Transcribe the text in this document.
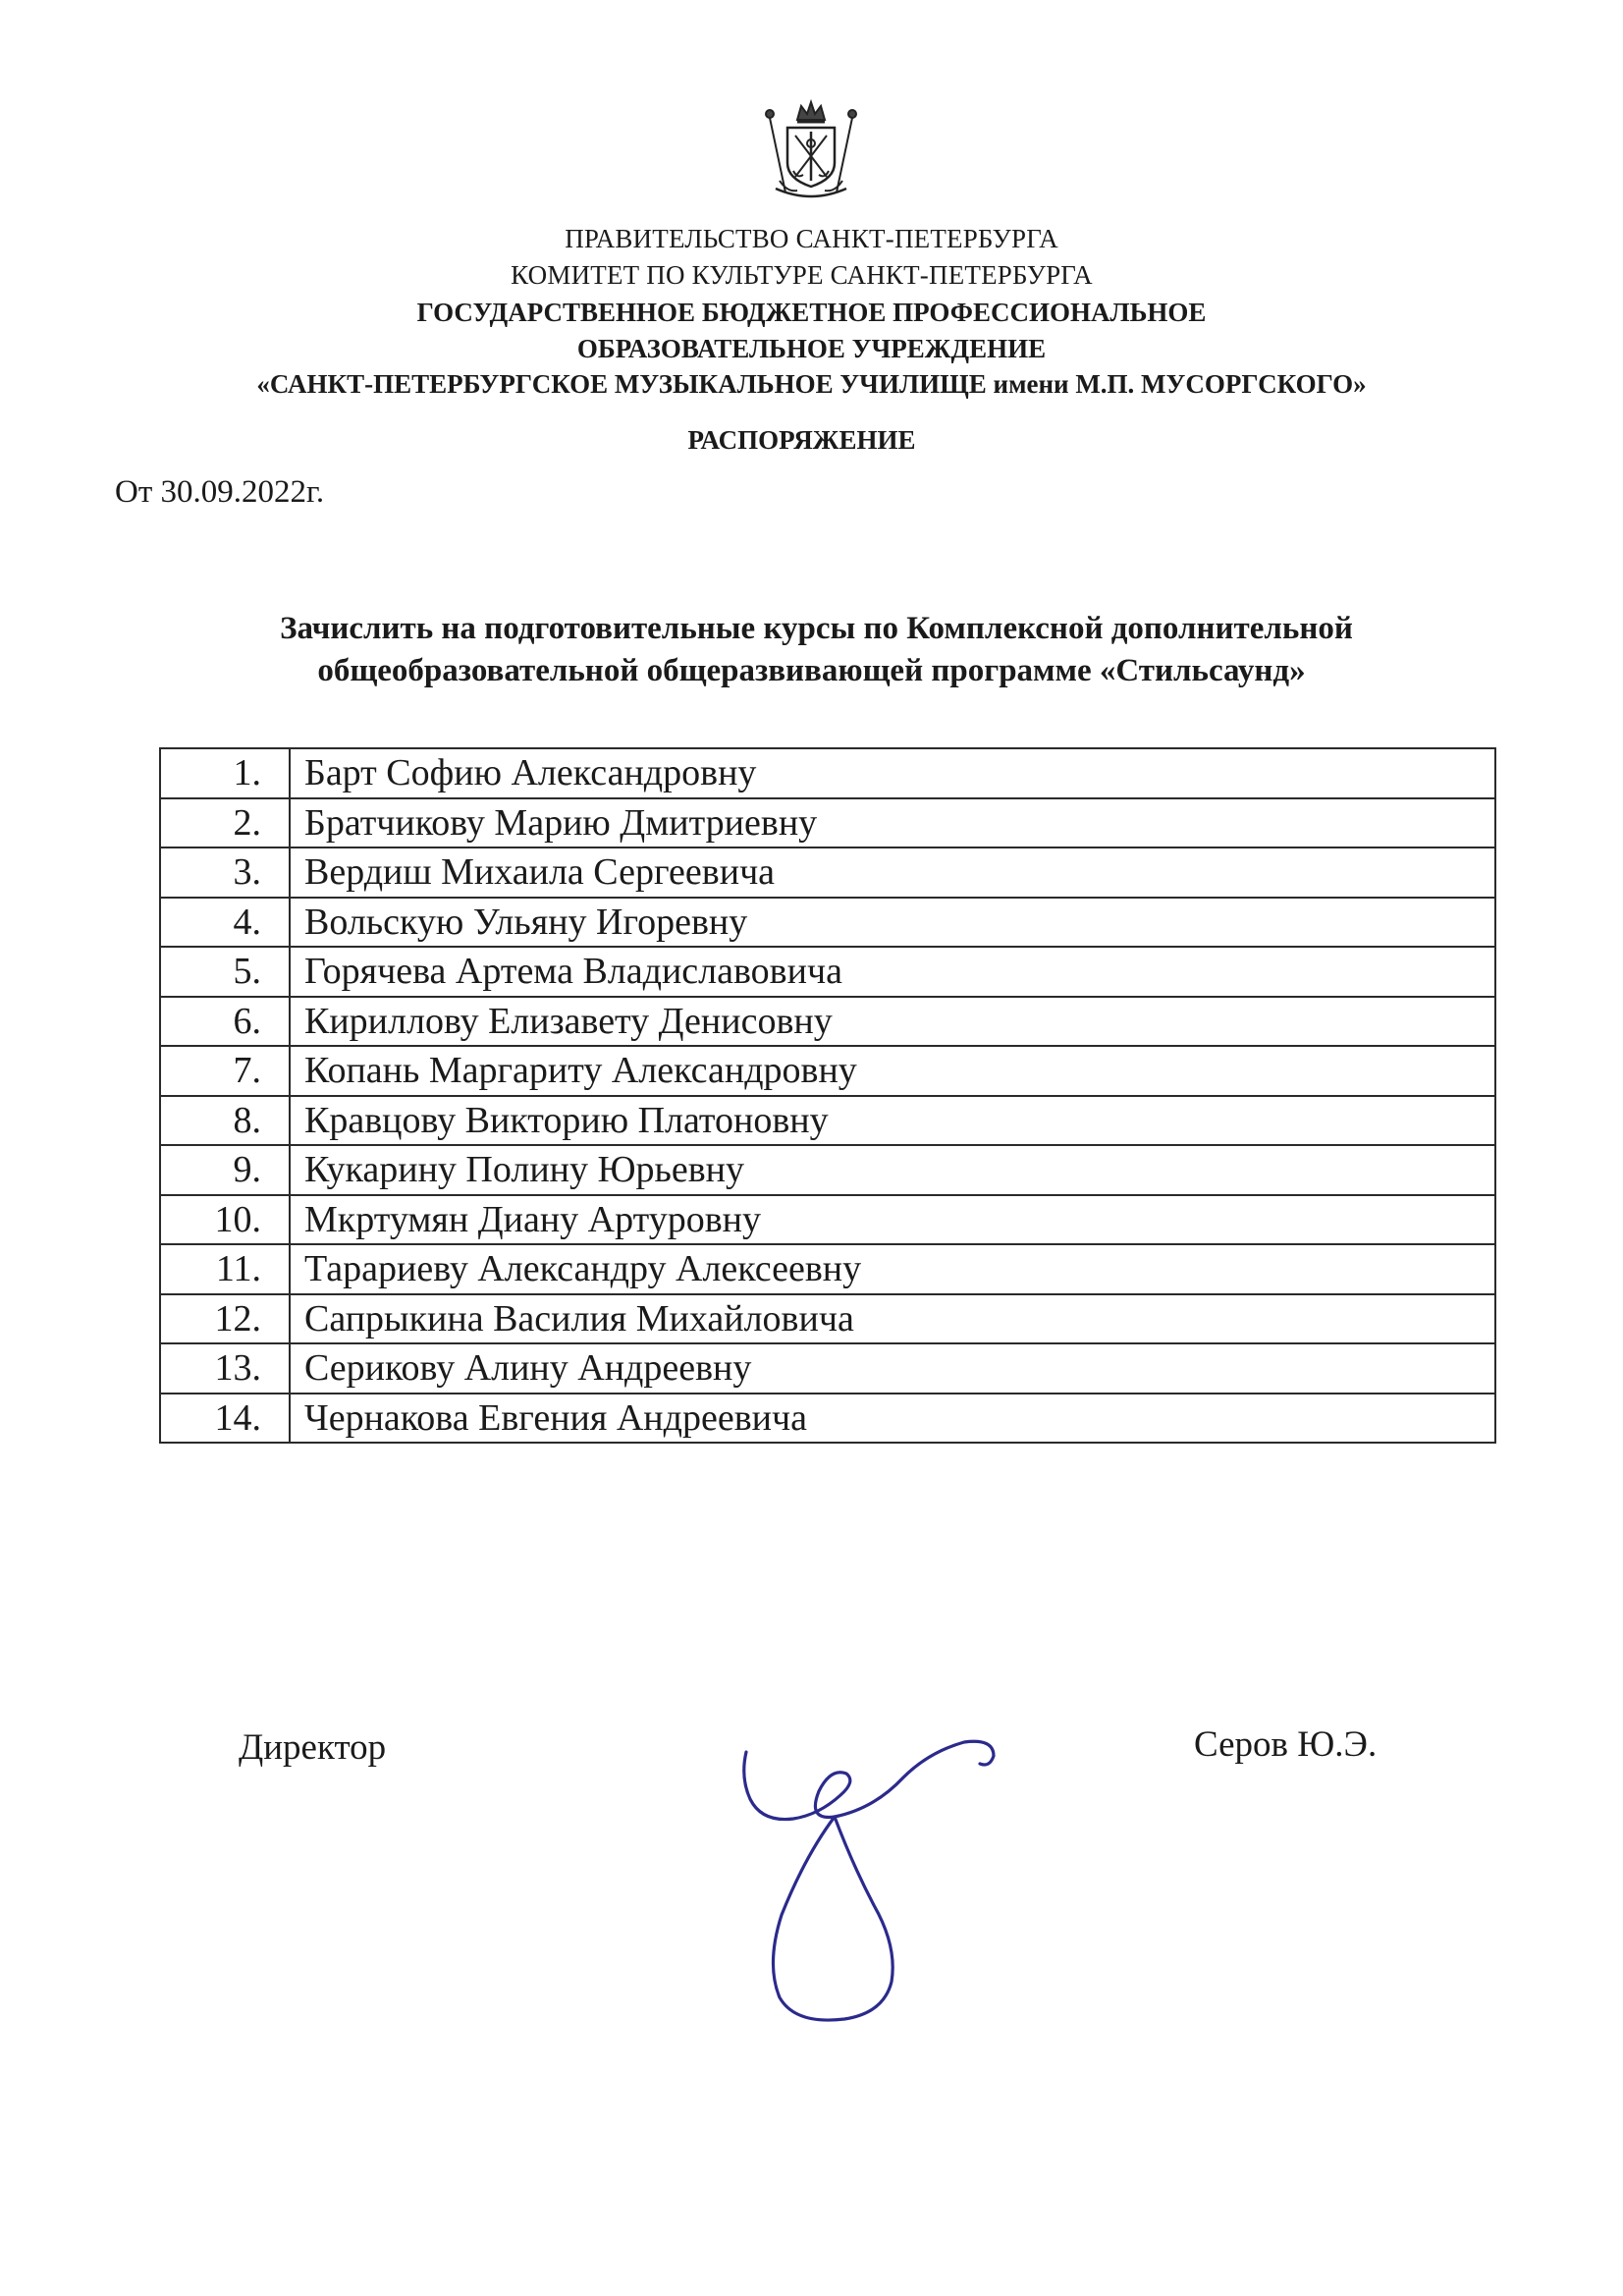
ПРАВИТЕЛЬСТВО САНКТ-ПЕТЕРБУРГА
КОМИТЕТ ПО КУЛЬТУРЕ САНКТ-ПЕТЕРБУРГА
ГОСУДАРСТВЕННОЕ БЮДЖЕТНОЕ ПРОФЕССИОНАЛЬНОЕ
ОБРАЗОВАТЕЛЬНОЕ УЧРЕЖДЕНИЕ
«САНКТ-ПЕТЕРБУРГСКОЕ МУЗЫКАЛЬНОЕ УЧИЛИЩЕ имени М.П. МУСОРГСКОГО»
РАСПОРЯЖЕНИЕ
От 30.09.2022г.
Зачислить на подготовительные курсы по Комплексной дополнительной
общеобразовательной общеразвивающей программе «Стильсаунд»
1.	Барт Софию Александровну
2.	Братчикову Марию Дмитриевну
3.	Вердиш Михаила Сергеевича
4.	Вольскую Ульяну Игоревну
5.	Горячева Артема Владиславовича
6.	Кириллову Елизавету Денисовну
7.	Копань Маргариту Александровну
8.	Кравцову Викторию Платоновну
9.	Кукарину Полину Юрьевну
10.	Мкртумян Диану Артуровну
11.	Тарариеву Александру Алексеевну
12.	Сапрыкина Василия Михайловича
13.	Серикову Алину Андреевну
14.	Чернакова Евгения Андреевича
Директор	Серов Ю.Э.
